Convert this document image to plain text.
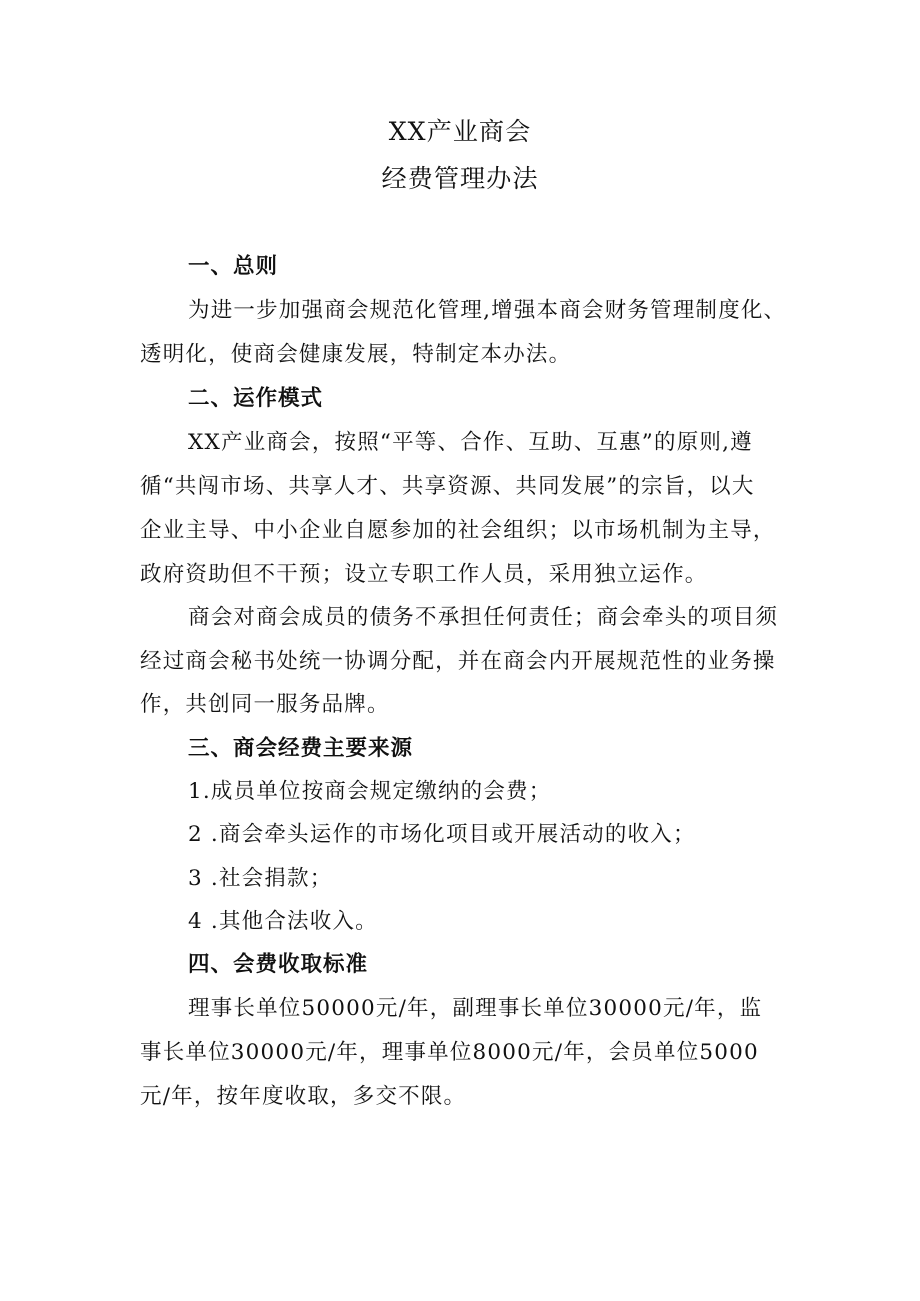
XX产业商会
经费管理办法
一、总则
为进一步加强商会规范化管理,增强本商会财务管理制度化、
透明化，使商会健康发展，特制定本办法。
二、运作模式
XX产业商会，按照“平等、合作、互助、互惠”的原则,遵
循“共闯市场、共享人才、共享资源、共同发展”的宗旨，以大
企业主导、中小企业自愿参加的社会组织；以市场机制为主导，
政府资助但不干预；设立专职工作人员，采用独立运作。
商会对商会成员的债务不承担任何责任；商会牵头的项目须
经过商会秘书处统一协调分配，并在商会内开展规范性的业务操
作，共创同一服务品牌。
三、商会经费主要来源
1.成员单位按商会规定缴纳的会费；
2 .商会牵头运作的市场化项目或开展活动的收入；
3 .社会捐款；
4 .其他合法收入。
四、会费收取标准
理事长单位50000元/年，副理事长单位30000元/年，监
事长单位30000元/年，理事单位8000元/年，会员单位5000
元/年，按年度收取，多交不限。
